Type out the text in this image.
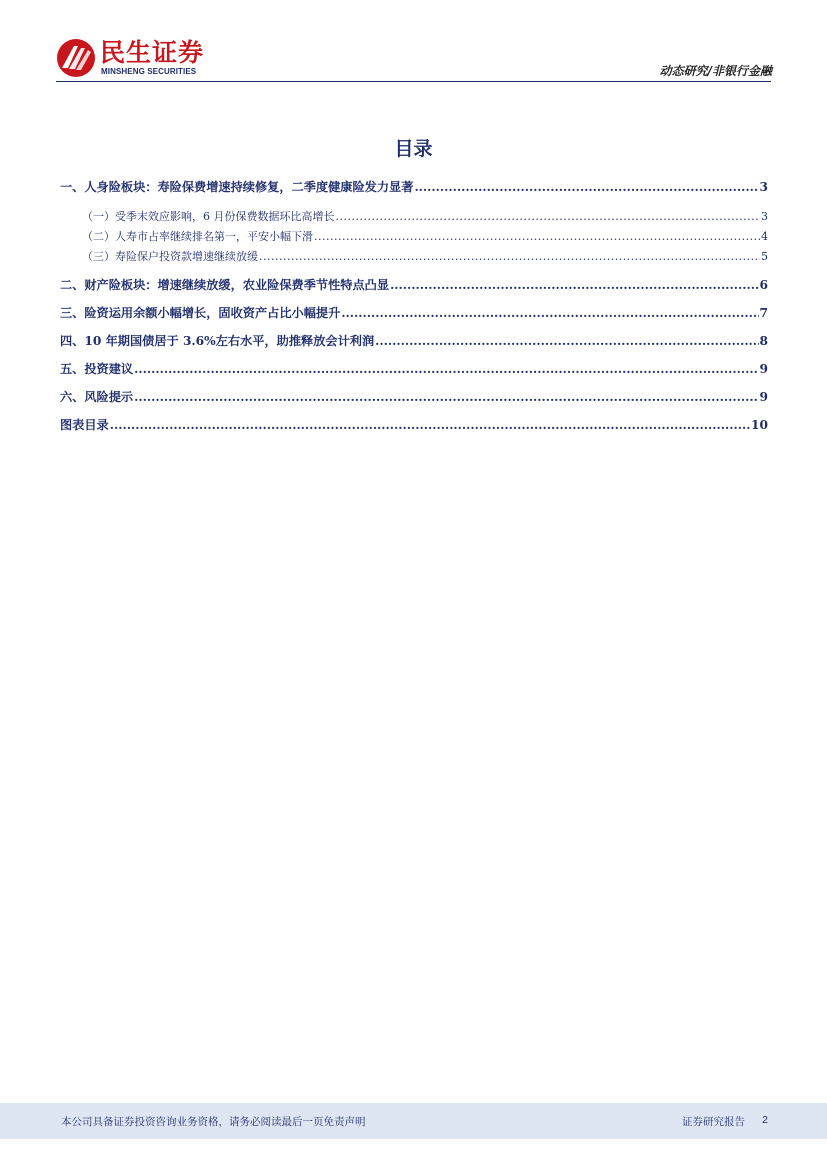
民生证券
MINSHENG SECURITIES	动态研究/非银行金融
目录
一、人身险板块：寿险保费增速持续修复，二季度健康险发力显著 .....	3
（一）受季末效应影响，6 月份保费数据环比高增长 .....	3
（二）人寿市占率继续排名第一，平安小幅下滑 .....	4
（三）寿险保户投资款增速继续放缓 .....	5
二、财产险板块：增速继续放缓，农业险保费季节性特点凸显 .....	6
三、险资运用余额小幅增长，固收资产占比小幅提升 .....	7
四、10 年期国债居于 3.6%左右水平，助推释放会计利润 .....	8
五、投资建议 .....	9
六、风险提示 .....	9
图表目录 .....	10
本公司具备证券投资咨询业务资格，请务必阅读最后一页免责声明	证券研究报告 2
